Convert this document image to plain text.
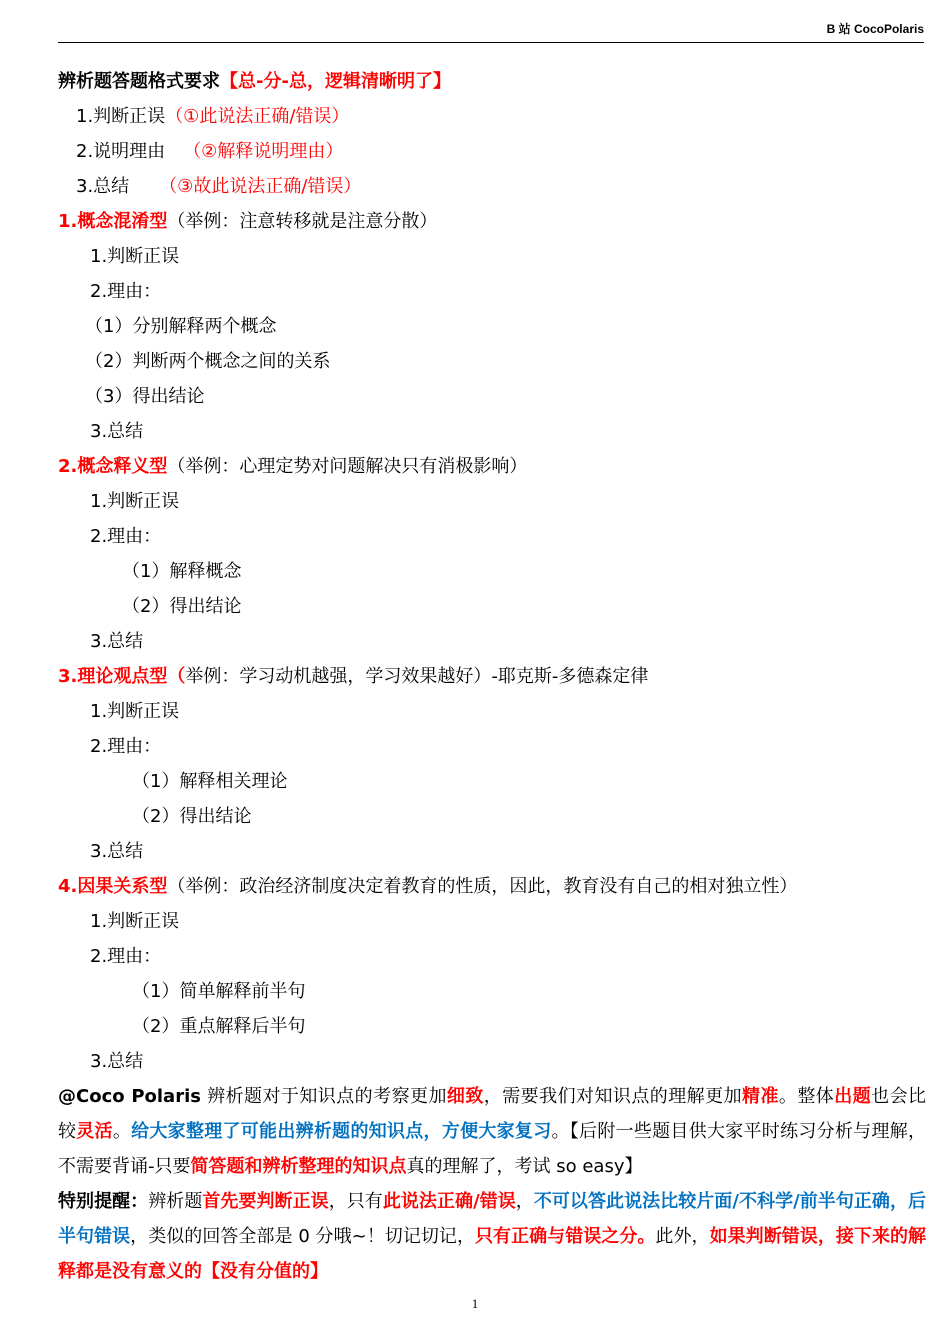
B 站 CocoPolaris
辨析题答题格式要求【总-分-总，逻辑清晰明了】
1.判断正误（①此说法正确/错误）
2.说明理由 （②解释说明理由）
3.总结 （③故此说法正确/错误）
1.概念混淆型（举例：注意转移就是注意分散）
1.判断正误
2.理由：
（1）分别解释两个概念
（2）判断两个概念之间的关系
（3）得出结论
3.总结
2.概念释义型（举例：心理定势对问题解决只有消极影响）
1.判断正误
2.理由：
（1）解释概念
（2）得出结论
3.总结
3.理论观点型（举例：学习动机越强，学习效果越好）-耶克斯-多德森定律
1.判断正误
2.理由：
（1）解释相关理论
（2）得出结论
3.总结
4.因果关系型（举例：政治经济制度决定着教育的性质，因此，教育没有自己的相对独立性）
1.判断正误
2.理由：
（1）简单解释前半句
（2）重点解释后半句
3.总结
@Coco Polaris 辨析题对于知识点的考察更加细致，需要我们对知识点的理解更加精准。整体出题也会比较灵活。给大家整理了可能出辨析题的知识点，方便大家复习。【后附一些题目供大家平时练习分析与理解，不需要背诵-只要简答题和辨析整理的知识点真的理解了，考试 so easy】
特别提醒：辨析题首先要判断正误，只有此说法正确/错误，不可以答此说法比较片面/不科学/前半句正确，后半句错误，类似的回答全部是 0 分哦~！切记切记，只有正确与错误之分。此外，如果判断错误，接下来的解释都是没有意义的【没有分值的】
1
